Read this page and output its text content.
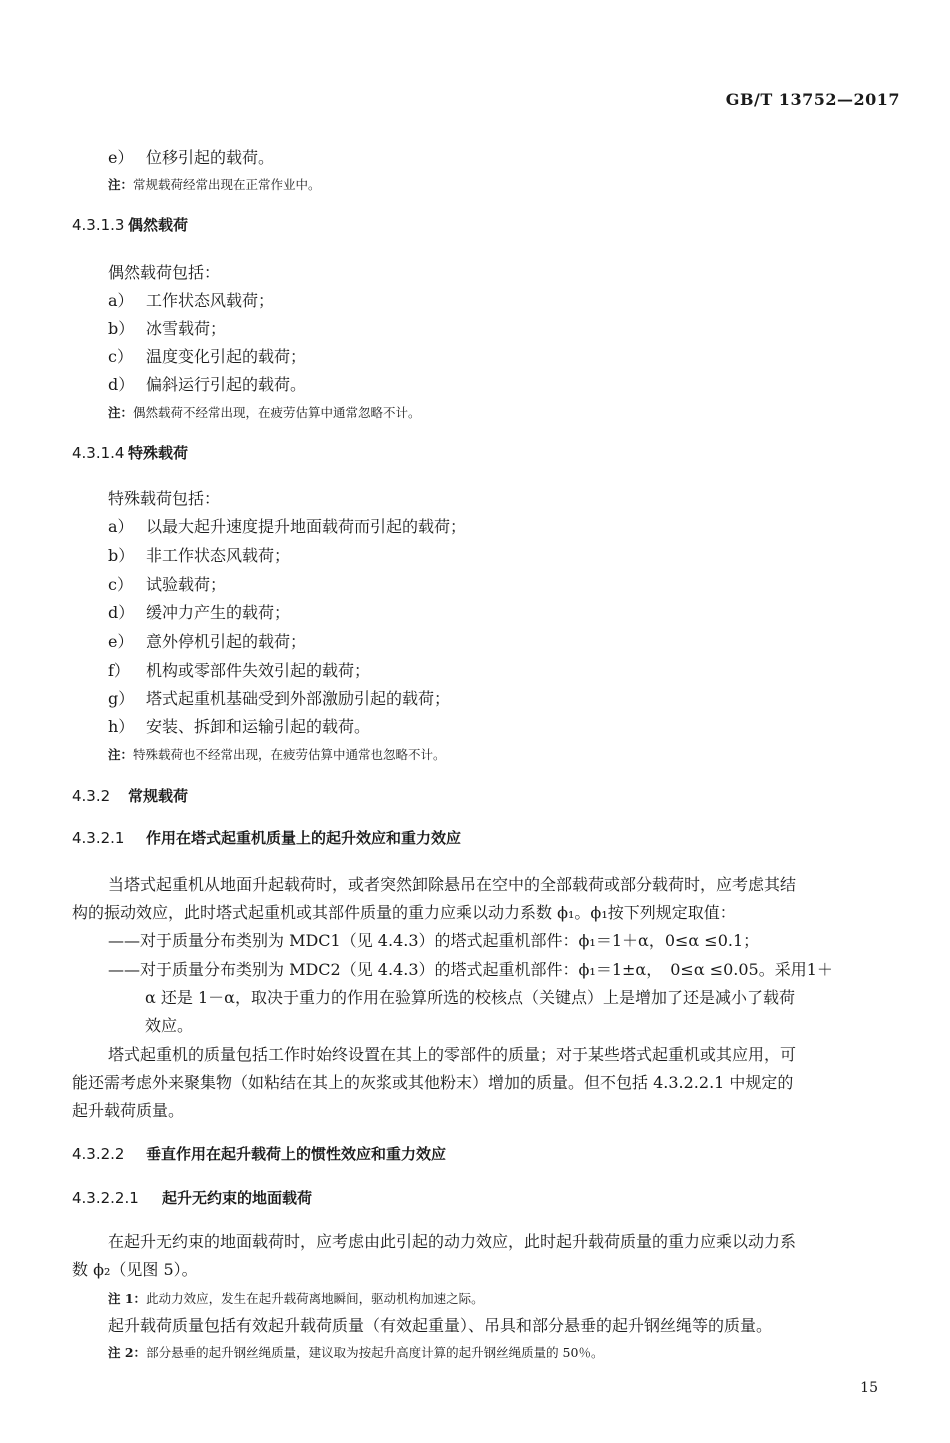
GB/T 13752—2017
e） 位移引起的载荷。
注：常规载荷经常出现在正常作业中。
4.3.1.3 偶然载荷
偶然载荷包括：
a） 工作状态风载荷；
b） 冰雪载荷；
c） 温度变化引起的载荷；
d） 偏斜运行引起的载荷。
注：偶然载荷不经常出现，在疲劳估算中通常忽略不计。
4.3.1.4 特殊载荷
特殊载荷包括：
a） 以最大起升速度提升地面载荷而引起的载荷；
b） 非工作状态风载荷；
c） 试验载荷；
d） 缓冲力产生的载荷；
e） 意外停机引起的载荷；
f） 机构或零部件失效引起的载荷；
g） 塔式起重机基础受到外部激励引起的载荷；
h） 安装、拆卸和运输引起的载荷。
注：特殊载荷也不经常出现，在疲劳估算中通常也忽略不计。
4.3.2 常规载荷
4.3.2.1 作用在塔式起重机质量上的起升效应和重力效应
当塔式起重机从地面升起载荷时，或者突然卸除悬吊在空中的全部载荷或部分载荷时，应考虑其结
构的振动效应，此时塔式起重机或其部件质量的重力应乘以动力系数 ϕ₁。ϕ₁按下列规定取值：
——对于质量分布类别为 MDC1（见 4.4.3）的塔式起重机部件：ϕ₁＝1＋α，0≤α ≤0.1；
——对于质量分布类别为 MDC2（见 4.4.3）的塔式起重机部件：ϕ₁＝1±α，　0≤α ≤0.05。采用1＋
α 还是 1－α，取决于重力的作用在验算所选的校核点（关键点）上是增加了还是减小了载荷
效应。
塔式起重机的质量包括工作时始终设置在其上的零部件的质量；对于某些塔式起重机或其应用，可
能还需考虑外来聚集物（如粘结在其上的灰浆或其他粉末）增加的质量。但不包括 4.3.2.2.1 中规定的
起升载荷质量。
4.3.2.2 垂直作用在起升载荷上的惯性效应和重力效应
4.3.2.2.1 起升无约束的地面载荷
在起升无约束的地面载荷时，应考虑由此引起的动力效应，此时起升载荷质量的重力应乘以动力系
数 ϕ₂（见图 5）。
注 1：此动力效应，发生在起升载荷离地瞬间，驱动机构加速之际。
起升载荷质量包括有效起升载荷质量（有效起重量）、吊具和部分悬垂的起升钢丝绳等的质量。
注 2：部分悬垂的起升钢丝绳质量，建议取为按起升高度计算的起升钢丝绳质量的 50％。
15
